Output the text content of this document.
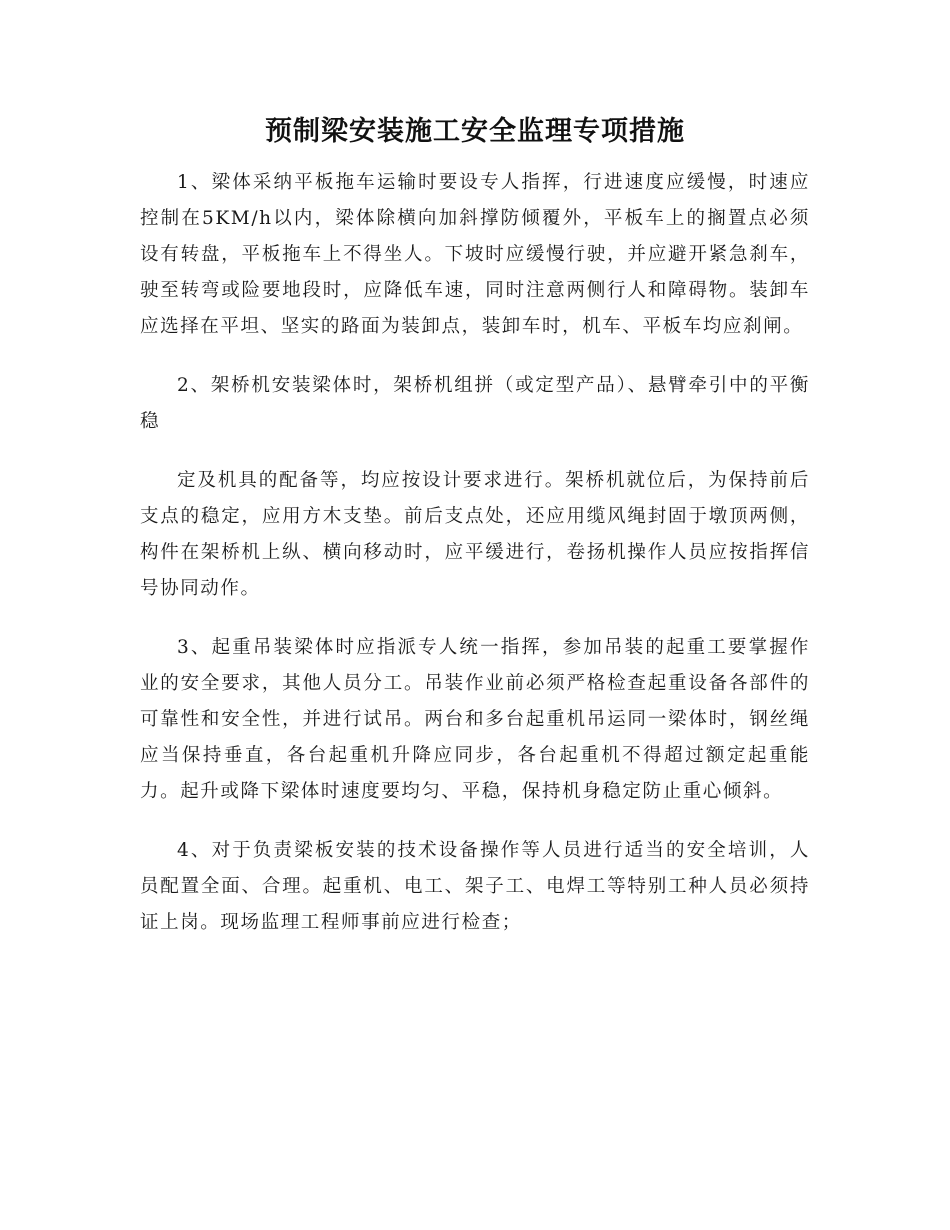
预制梁安装施工安全监理专项措施

1、梁体采纳平板拖车运输时要设专人指挥，行进速度应缓慢，时速应控制在5KM/h以内，梁体除横向加斜撑防倾覆外，平板车上的搁置点必须设有转盘，平板拖车上不得坐人。下坡时应缓慢行驶，并应避开紧急刹车，驶至转弯或险要地段时，应降低车速，同时注意两侧行人和障碍物。装卸车应选择在平坦、坚实的路面为装卸点，装卸车时，机车、平板车均应刹闸。

2、架桥机安装梁体时，架桥机组拼（或定型产品）、悬臂牵引中的平衡稳

定及机具的配备等，均应按设计要求进行。架桥机就位后，为保持前后支点的稳定，应用方木支垫。前后支点处，还应用缆风绳封固于墩顶两侧，构件在架桥机上纵、横向移动时，应平缓进行，卷扬机操作人员应按指挥信号协同动作。

3、起重吊装梁体时应指派专人统一指挥，参加吊装的起重工要掌握作业的安全要求，其他人员分工。吊装作业前必须严格检查起重设备各部件的可靠性和安全性，并进行试吊。两台和多台起重机吊运同一梁体时，钢丝绳应当保持垂直，各台起重机升降应同步，各台起重机不得超过额定起重能力。起升或降下梁体时速度要均匀、平稳，保持机身稳定防止重心倾斜。

4、对于负责梁板安装的技术设备操作等人员进行适当的安全培训，人员配置全面、合理。起重机、电工、架子工、电焊工等特别工种人员必须持证上岗。现场监理工程师事前应进行检查；
